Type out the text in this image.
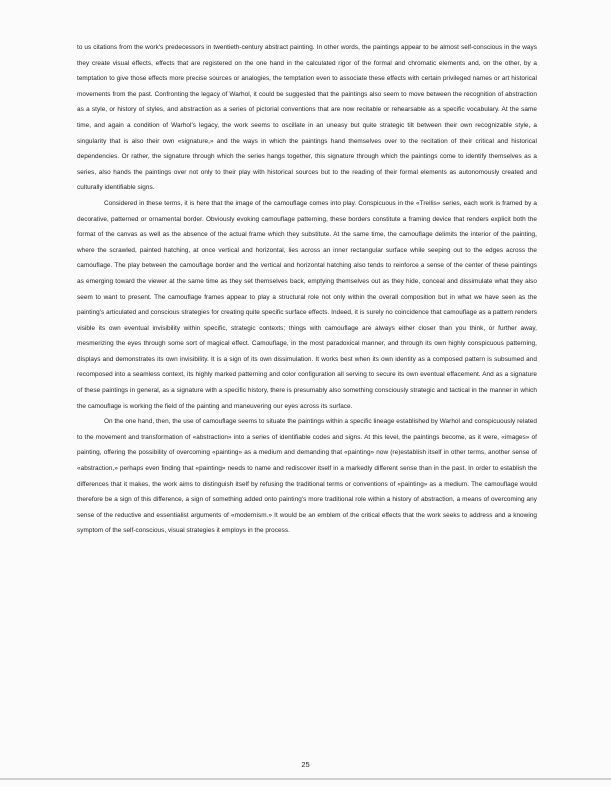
to us citations from the work's predecessors in twentieth-century abstract painting. In other words, the paintings appear to be almost self-conscious in the ways they create visual effects, effects that are registered on the one hand in the calculated rigor of the formal and chromatic elements and, on the other, by a temptation to give those effects more precise sources or analogies, the temptation even to associate these effects with certain privileged names or art historical movements from the past. Confronting the legacy of Warhol, it could be suggested that the paintings also seem to move between the recognition of abstraction as a style, or history of styles, and abstraction as a series of pictorial conventions that are now recitable or rehearsable as a specific vocabulary. At the same time, and again a condition of Warhol's legacy, the work seems to oscillate in an uneasy but quite strategic tilt between their own recognizable style, a singularity that is also their own «signature,» and the ways in which the paintings hand themselves over to the recitation of their critical and historical dependencies. Or rather, the signature through which the series hangs together, this signature through which the paintings come to identify themselves as a series, also hands the paintings over not only to their play with historical sources but to the reading of their formal elements as autonomously created and culturally identifiable signs.

Considered in these terms, it is here that the image of the camouflage comes into play. Conspicuous in the «Trellis» series, each work is framed by a decorative, patterned or ornamental border. Obviously evoking camouflage patterning, these borders constitute a framing device that renders explicit both the format of the canvas as well as the absence of the actual frame which they substitute. At the same time, the camouflage delimits the interior of the painting, where the scrawled, painted hatching, at once vertical and horizontal, lies across an inner rectangular surface while seeping out to the edges across the camouflage. The play between the camouflage border and the vertical and horizontal hatching also tends to reinforce a sense of the center of these paintings as emerging toward the viewer at the same time as they set themselves back, emptying themselves out as they hide, conceal and dissimulate what they also seem to want to present. The camouflage frames appear to play a structural role not only within the overall composition but in what we have seen as the painting's articulated and conscious strategies for creating quite specific surface effects. Indeed, it is surely no coincidence that camouflage as a pattern renders visible its own eventual invisibility within specific, strategic contexts; things with camouflage are always either closer than you think, or further away, mesmerizing the eyes through some sort of magical effect. Camouflage, in the most paradoxical manner, and through its own highly conspicuous patterning, displays and demonstrates its own invisibility. It is a sign of its own dissimulation. It works best when its own identity as a composed pattern is subsumed and recomposed into a seamless context, its highly marked patterning and color configuration all serving to secure its own eventual effacement. And as a signature of these paintings in general, as a signature with a specific history, there is presumably also something consciously strategic and tactical in the manner in which the camouflage is working the field of the painting and maneuvering our eyes across its surface.

On the one hand, then, the use of camouflage seems to situate the paintings within a specific lineage established by Warhol and conspicuously related to the movement and transformation of «abstraction» into a series of identifiable codes and signs. At this level, the paintings become, as it were, «images» of painting, offering the possibility of overcoming «painting» as a medium and demanding that «painting» now (re)establish itself in other terms, another sense of «abstraction,» perhaps even finding that «painting» needs to name and rediscover itself in a markedly different sense than in the past. In order to establish the differences that it makes, the work aims to distinguish itself by refusing the traditional terms or conventions of «painting» as a medium. The camouflage would therefore be a sign of this difference, a sign of something added onto painting's more traditional role within a history of abstraction, a means of overcoming any sense of the reductive and essentialist arguments of «modernism.» It would be an emblem of the critical effects that the work seeks to address and a knowing symptom of the self-conscious, visual strategies it employs in the process.

25
